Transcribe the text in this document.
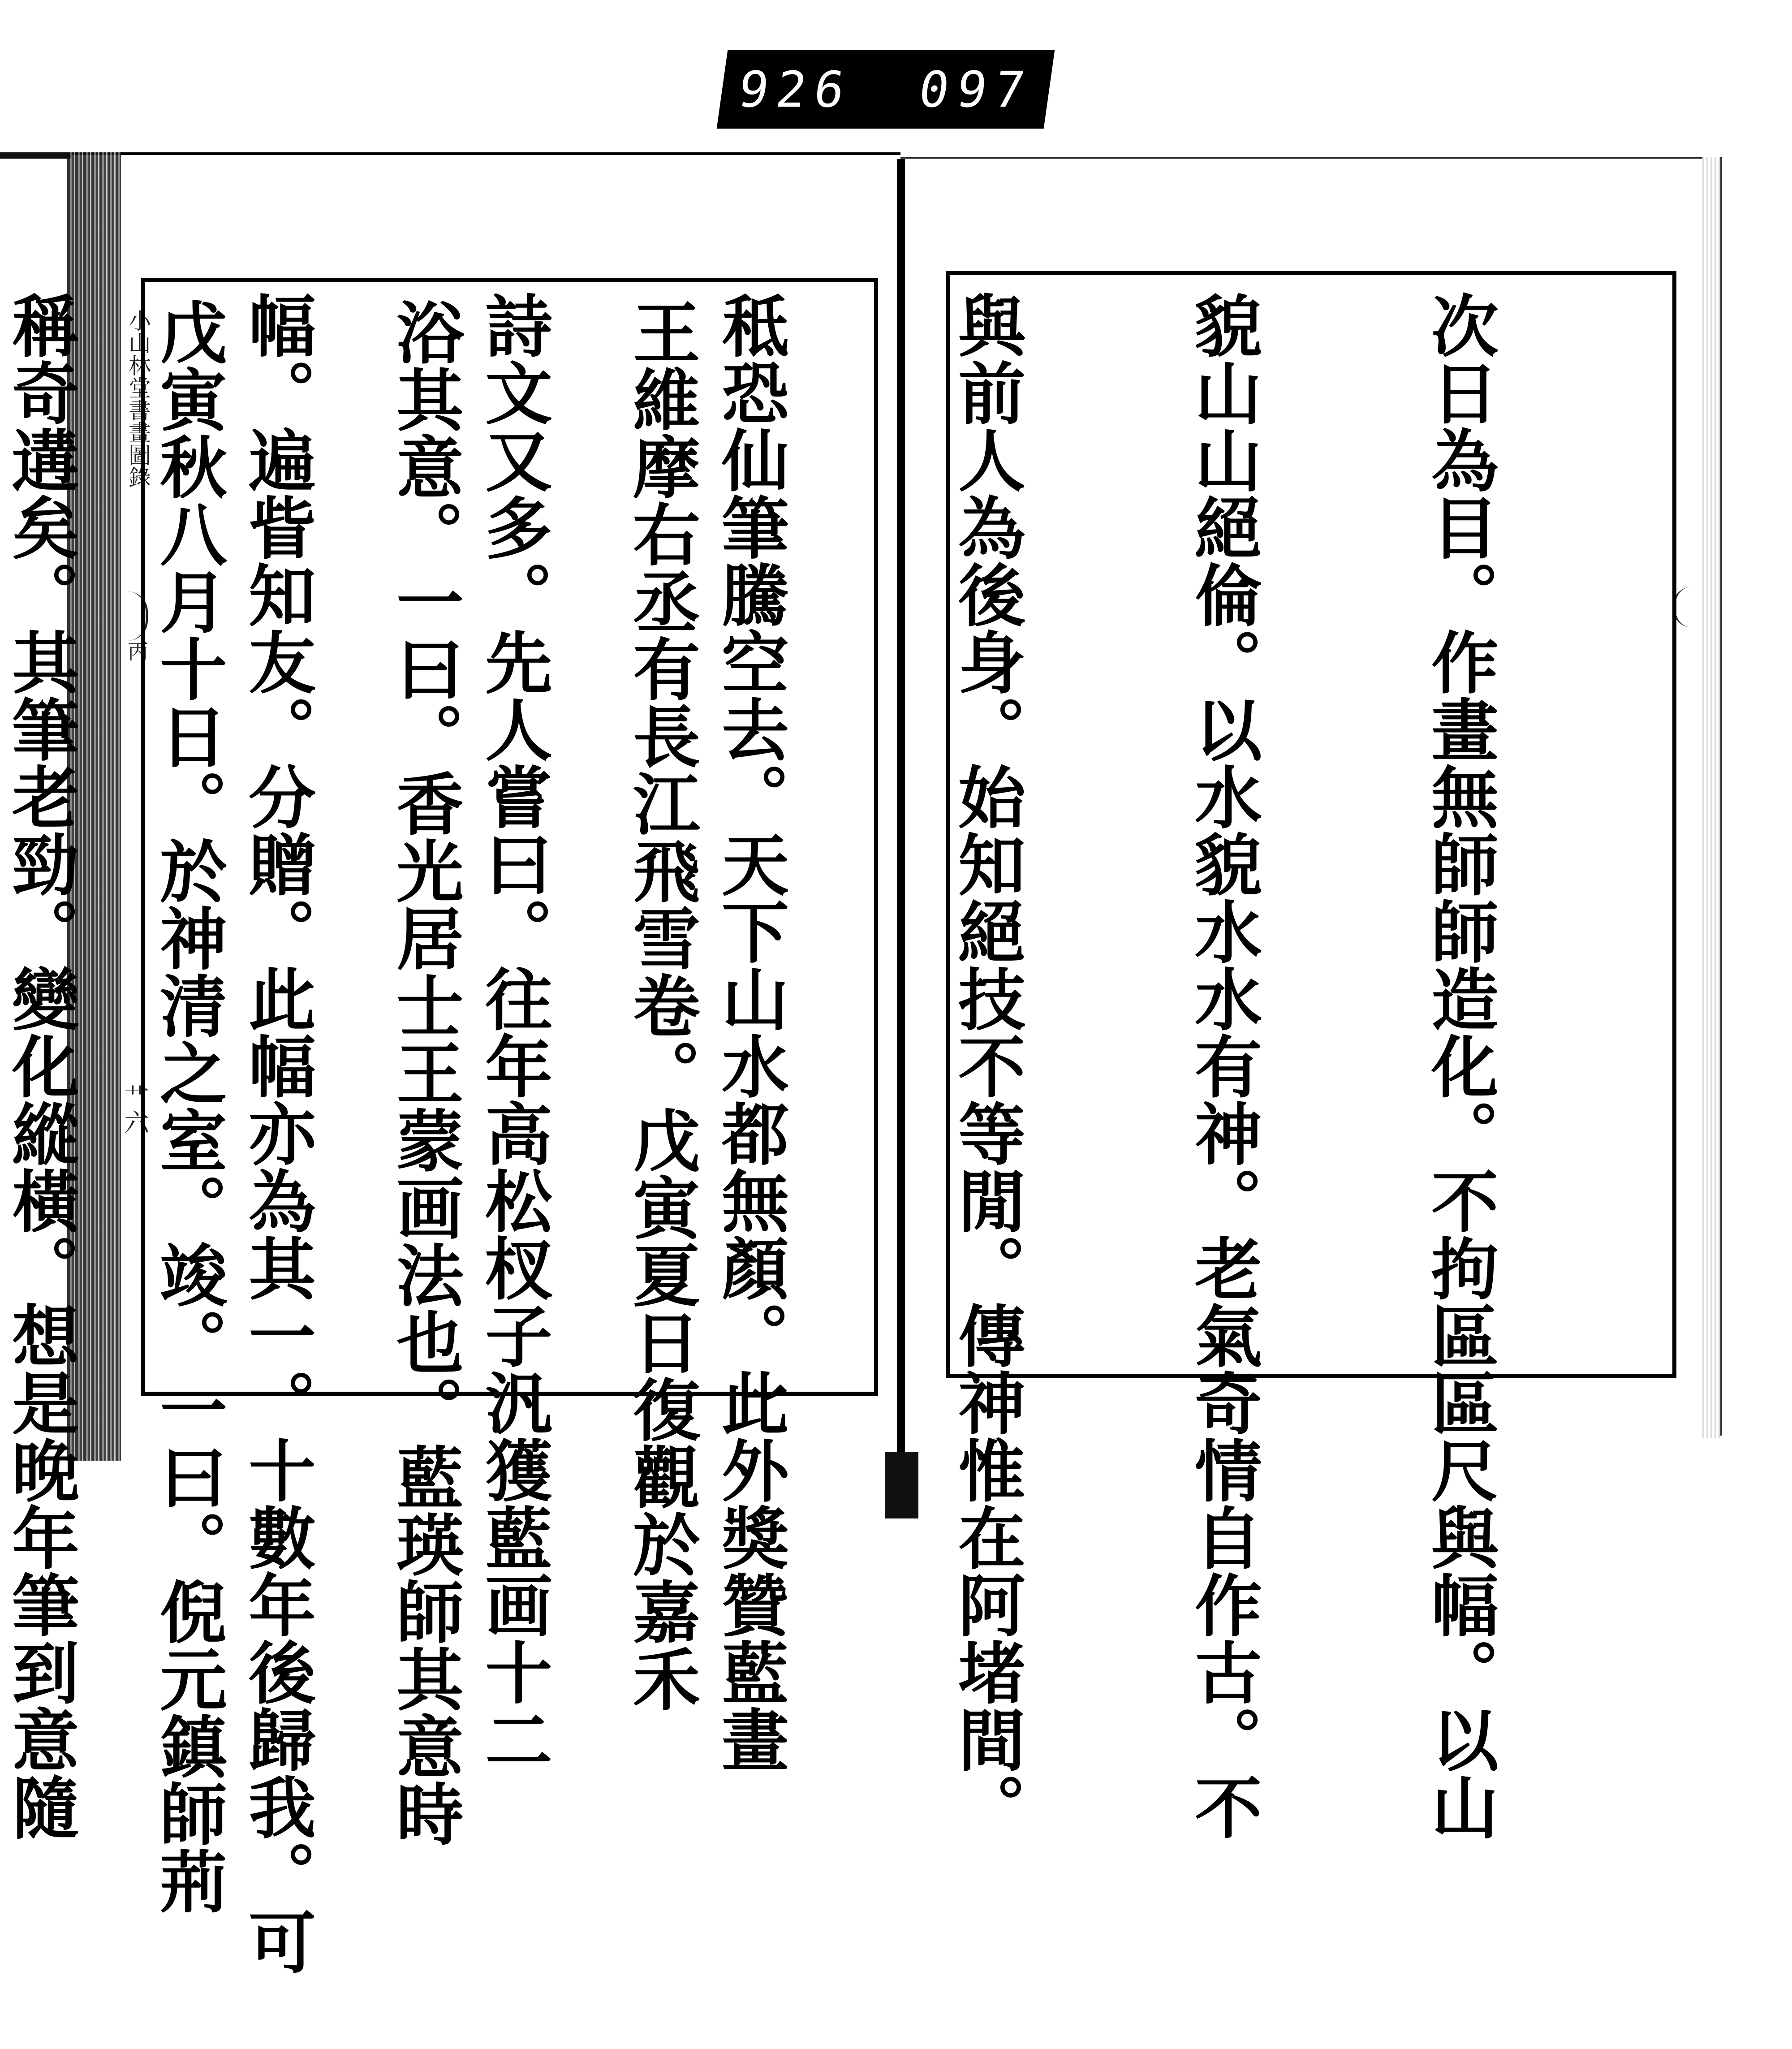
926 097
小山林堂書畫圖錄
丙
艹六

	王維摩右丞有長江飛雪卷。戊寅夏日復觀於嘉禾

浴其意。一曰。香光居士王蒙画法也。藍瑛師其意時

戊寅秋八月十日。於神清之室。竣。一曰。倪元鎮師荊

	次日為目。作畫無師師造化。不拘區區尺與幅。以山

貌山山絕倫。以水貌水水有神。老氣奇情自作古。不

與前人為後身。始知絕技不等閒。傳神惟在阿堵間。

秪恐仙筆騰空去。天下山水都無顏。此外獎贊藍畫

詩文又多。先人嘗曰。往年高松杈子汎獲藍画十二

幅。遍眥知友。分贈。此幅亦為其一。十數年後歸我。可

稱奇遘矣。其筆老勁。變化縱橫。想是晚年筆到意隨
